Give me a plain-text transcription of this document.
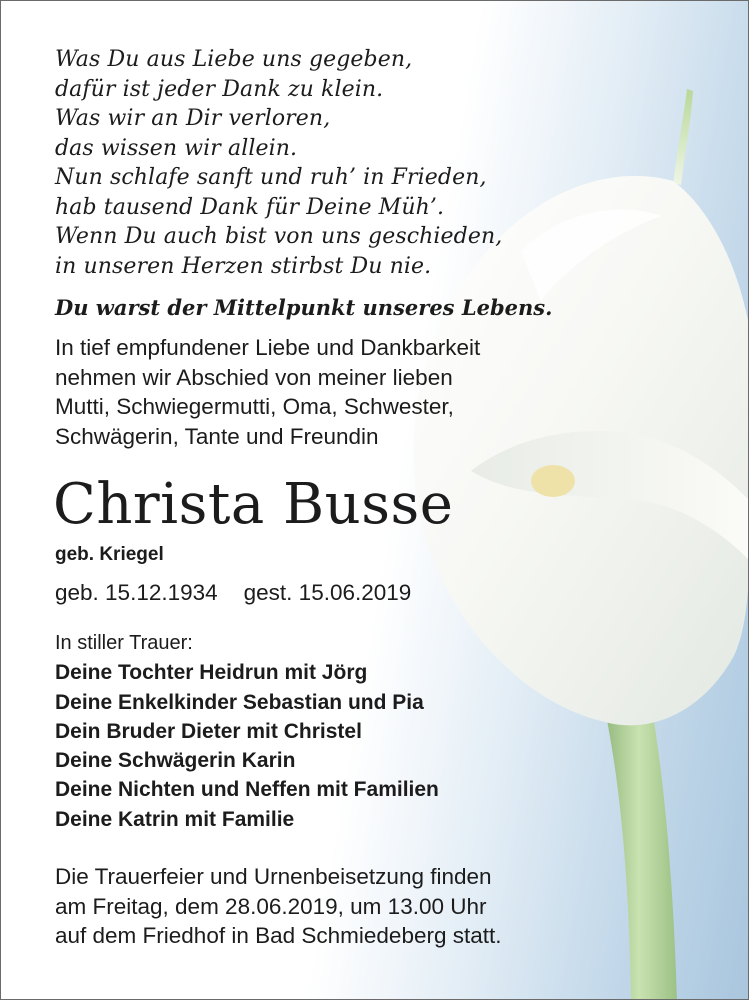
Was Du aus Liebe uns gegeben,
dafür ist jeder Dank zu klein.
Was wir an Dir verloren,
das wissen wir allein.
Nun schlafe sanft und ruh’ in Frieden,
hab tausend Dank für Deine Müh’.
Wenn Du auch bist von uns geschieden,
in unseren Herzen stirbst Du nie.
Du warst der Mittelpunkt unseres Lebens.
In tief empfundener Liebe und Dankbarkeit
nehmen wir Abschied von meiner lieben
Mutti, Schwiegermutti, Oma, Schwester,
Schwägerin, Tante und Freundin
Christa Busse
geb. Kriegel
geb. 15.12.1934 gest. 15.06.2019
In stiller Trauer:
Deine Tochter Heidrun mit Jörg
Deine Enkelkinder Sebastian und Pia
Dein Bruder Dieter mit Christel
Deine Schwägerin Karin
Deine Nichten und Neffen mit Familien
Deine Katrin mit Familie
Die Trauerfeier und Urnenbeisetzung finden
am Freitag, dem 28.06.2019, um 13.00 Uhr
auf dem Friedhof in Bad Schmiedeberg statt.
